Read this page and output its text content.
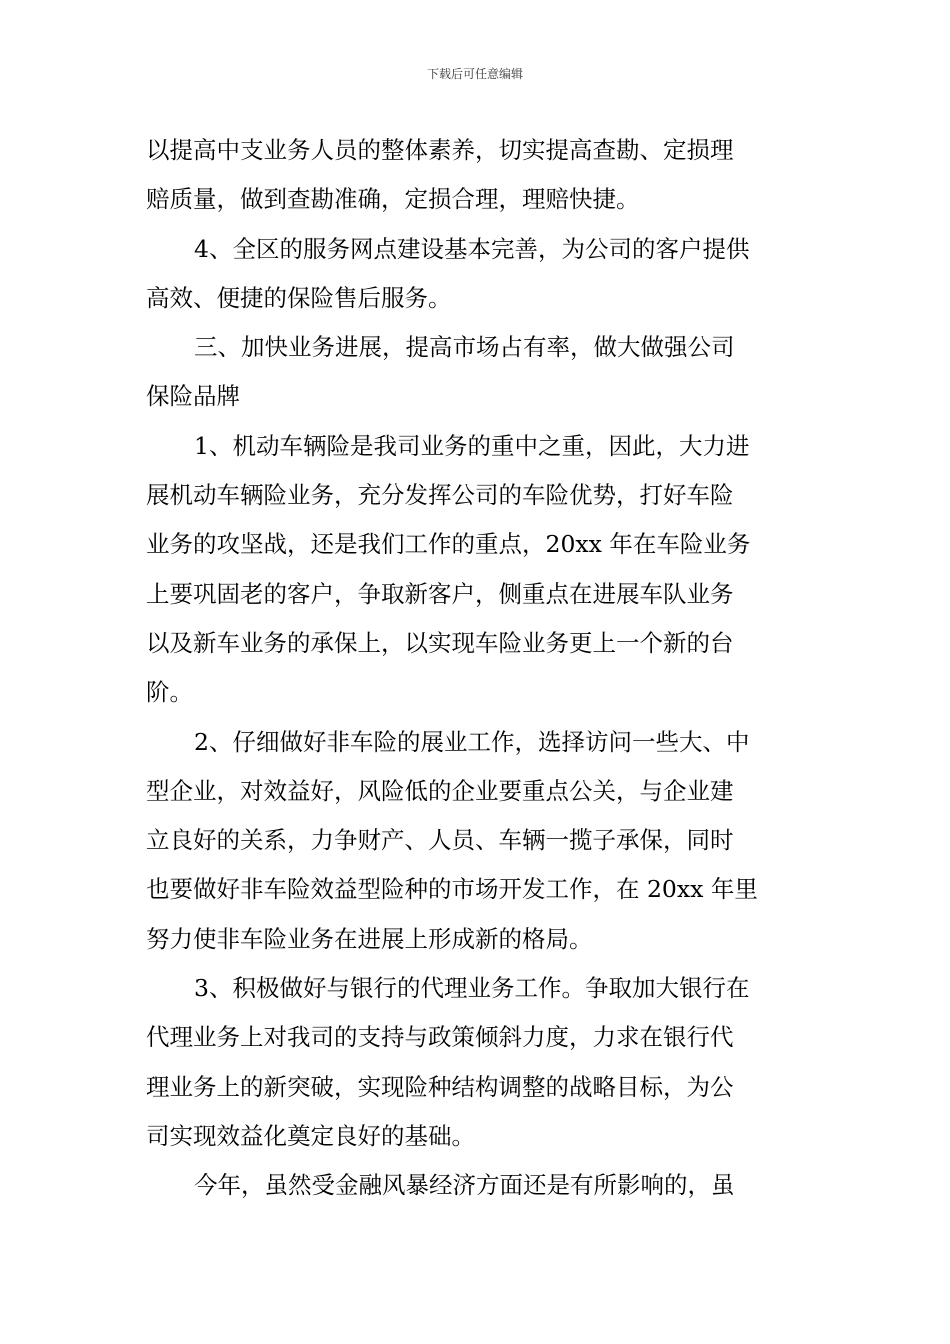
下载后可任意编辑
以提高中支业务人员的整体素养，切实提高查勘、定损理
赔质量，做到查勘准确，定损合理，理赔快捷。
4、全区的服务网点建设基本完善，为公司的客户提供
高效、便捷的保险售后服务。
三、加快业务进展，提高市场占有率，做大做强公司
保险品牌
1、机动车辆险是我司业务的重中之重，因此，大力进
展机动车辆险业务，充分发挥公司的车险优势，打好车险
业务的攻坚战，还是我们工作的重点，20xx 年在车险业务
上要巩固老的客户，争取新客户，侧重点在进展车队业务
以及新车业务的承保上，以实现车险业务更上一个新的台
阶。
2、仔细做好非车险的展业工作，选择访问一些大、中
型企业，对效益好，风险低的企业要重点公关，与企业建
立良好的关系，力争财产、人员、车辆一揽子承保，同时
也要做好非车险效益型险种的市场开发工作，在 20xx 年里
努力使非车险业务在进展上形成新的格局。
3、积极做好与银行的代理业务工作。争取加大银行在
代理业务上对我司的支持与政策倾斜力度，力求在银行代
理业务上的新突破，实现险种结构调整的战略目标，为公
司实现效益化奠定良好的基础。
今年，虽然受金融风暴经济方面还是有所影响的，虽
